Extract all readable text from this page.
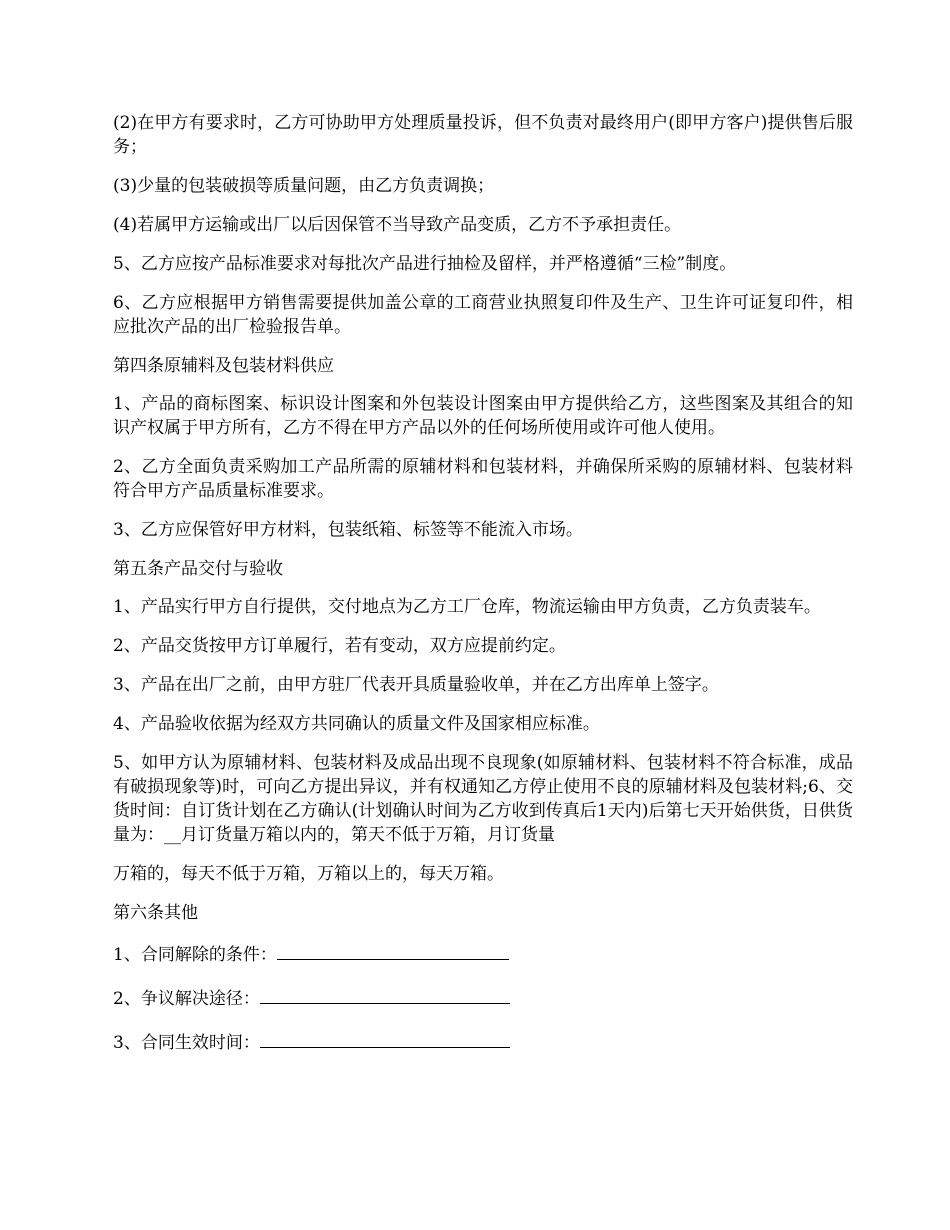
(2)在甲方有要求时，乙方可协助甲方处理质量投诉，但不负责对最终用户(即甲方客户)提供售后服务；

(3)少量的包装破损等质量问题，由乙方负责调换；

(4)若属甲方运输或出厂以后因保管不当导致产品变质，乙方不予承担责任。

5、乙方应按产品标准要求对每批次产品进行抽检及留样，并严格遵循“三检”制度。

6、乙方应根据甲方销售需要提供加盖公章的工商营业执照复印件及生产、卫生许可证复印件，相应批次产品的出厂检验报告单。

第四条原辅料及包装材料供应

1、产品的商标图案、标识设计图案和外包装设计图案由甲方提供给乙方，这些图案及其组合的知识产权属于甲方所有，乙方不得在甲方产品以外的任何场所使用或许可他人使用。

2、乙方全面负责采购加工产品所需的原辅材料和包装材料，并确保所采购的原辅材料、包装材料符合甲方产品质量标准要求。

3、乙方应保管好甲方材料，包装纸箱、标签等不能流入市场。

第五条产品交付与验收

1、产品实行甲方自行提供，交付地点为乙方工厂仓库，物流运输由甲方负责，乙方负责装车。

2、产品交货按甲方订单履行，若有变动，双方应提前约定。

3、产品在出厂之前，由甲方驻厂代表开具质量验收单，并在乙方出库单上签字。

4、产品验收依据为经双方共同确认的质量文件及国家相应标准。

5、如甲方认为原辅材料、包装材料及成品出现不良现象(如原辅材料、包装材料不符合标准，成品有破损现象等)时，可向乙方提出异议，并有权通知乙方停止使用不良的原辅材料及包装材料;6、交货时间：自订货计划在乙方确认(计划确认时间为乙方收到传真后1天内)后第七天开始供货，日供货量为：__月订货量万箱以内的，第天不低于万箱，月订货量

万箱的，每天不低于万箱，万箱以上的，每天万箱。

第六条其他

1、合同解除的条件：
2、争议解决途径：
3、合同生效时间：
